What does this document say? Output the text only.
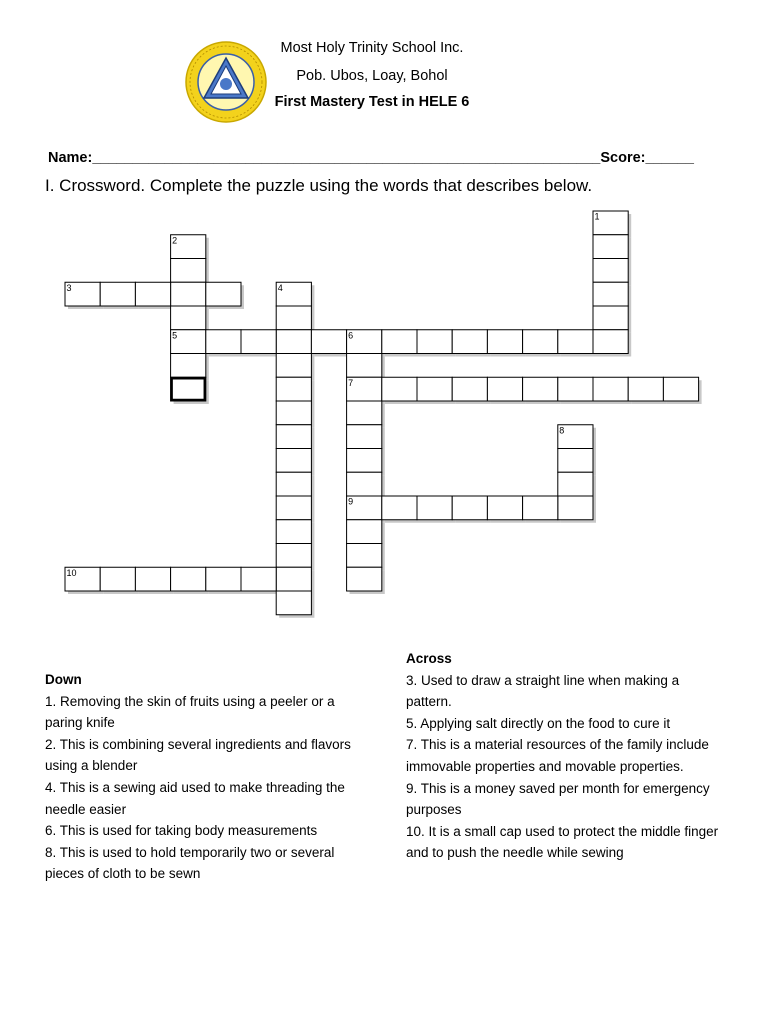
Most Holy Trinity School Inc.
Pob. Ubos, Loay, Bohol
First Mastery Test in HELE 6
Name:_______________________________________________________________Score:______
I. Crossword. Complete the puzzle using the words that describes below.
1
2
3	4
5	6
7
8
9
10
Down
1. Removing the skin of fruits using a peeler or a paring knife
2. This is combining several ingredients and flavors using a blender
4. This is a sewing aid used to make threading the needle easier
6. This is used for taking body measurements
8. This is used to hold temporarily two or several pieces of cloth to be sewn
Across
3. Used to draw a straight line when making a pattern.
5. Applying salt directly on the food to cure it
7. This is a material resources of the family include immovable properties and movable properties.
9. This is a money saved per month for emergency purposes
10. It is a small cap used to protect the middle finger and to push the needle while sewing
